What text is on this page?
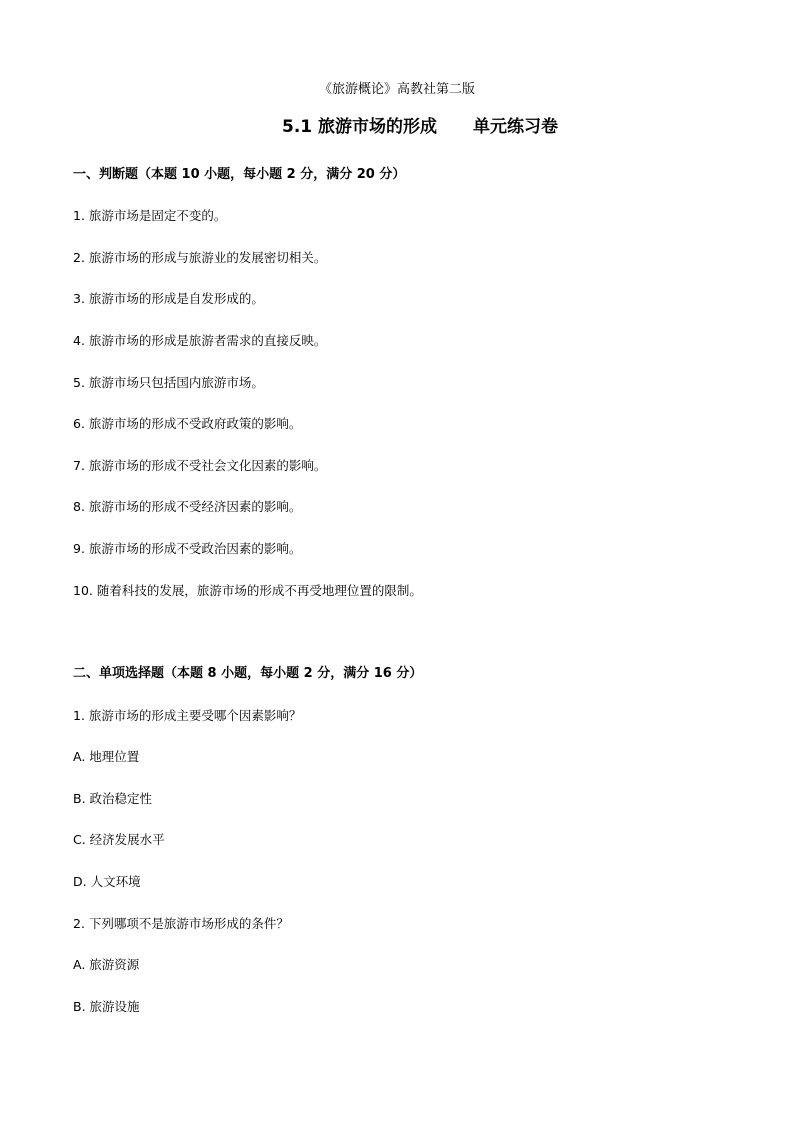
《旅游概论》高教社第二版
5.1 旅游市场的形成 单元练习卷
一、判断题（本题 10 小题，每小题 2 分，满分 20 分）
1. 旅游市场是固定不变的。
2. 旅游市场的形成与旅游业的发展密切相关。
3. 旅游市场的形成是自发形成的。
4. 旅游市场的形成是旅游者需求的直接反映。
5. 旅游市场只包括国内旅游市场。
6. 旅游市场的形成不受政府政策的影响。
7. 旅游市场的形成不受社会文化因素的影响。
8. 旅游市场的形成不受经济因素的影响。
9. 旅游市场的形成不受政治因素的影响。
10. 随着科技的发展，旅游市场的形成不再受地理位置的限制。
二、单项选择题（本题 8 小题，每小题 2 分，满分 16 分）
1. 旅游市场的形成主要受哪个因素影响？
A. 地理位置
B. 政治稳定性
C. 经济发展水平
D. 人文环境
2. 下列哪项不是旅游市场形成的条件？
A. 旅游资源
B. 旅游设施
